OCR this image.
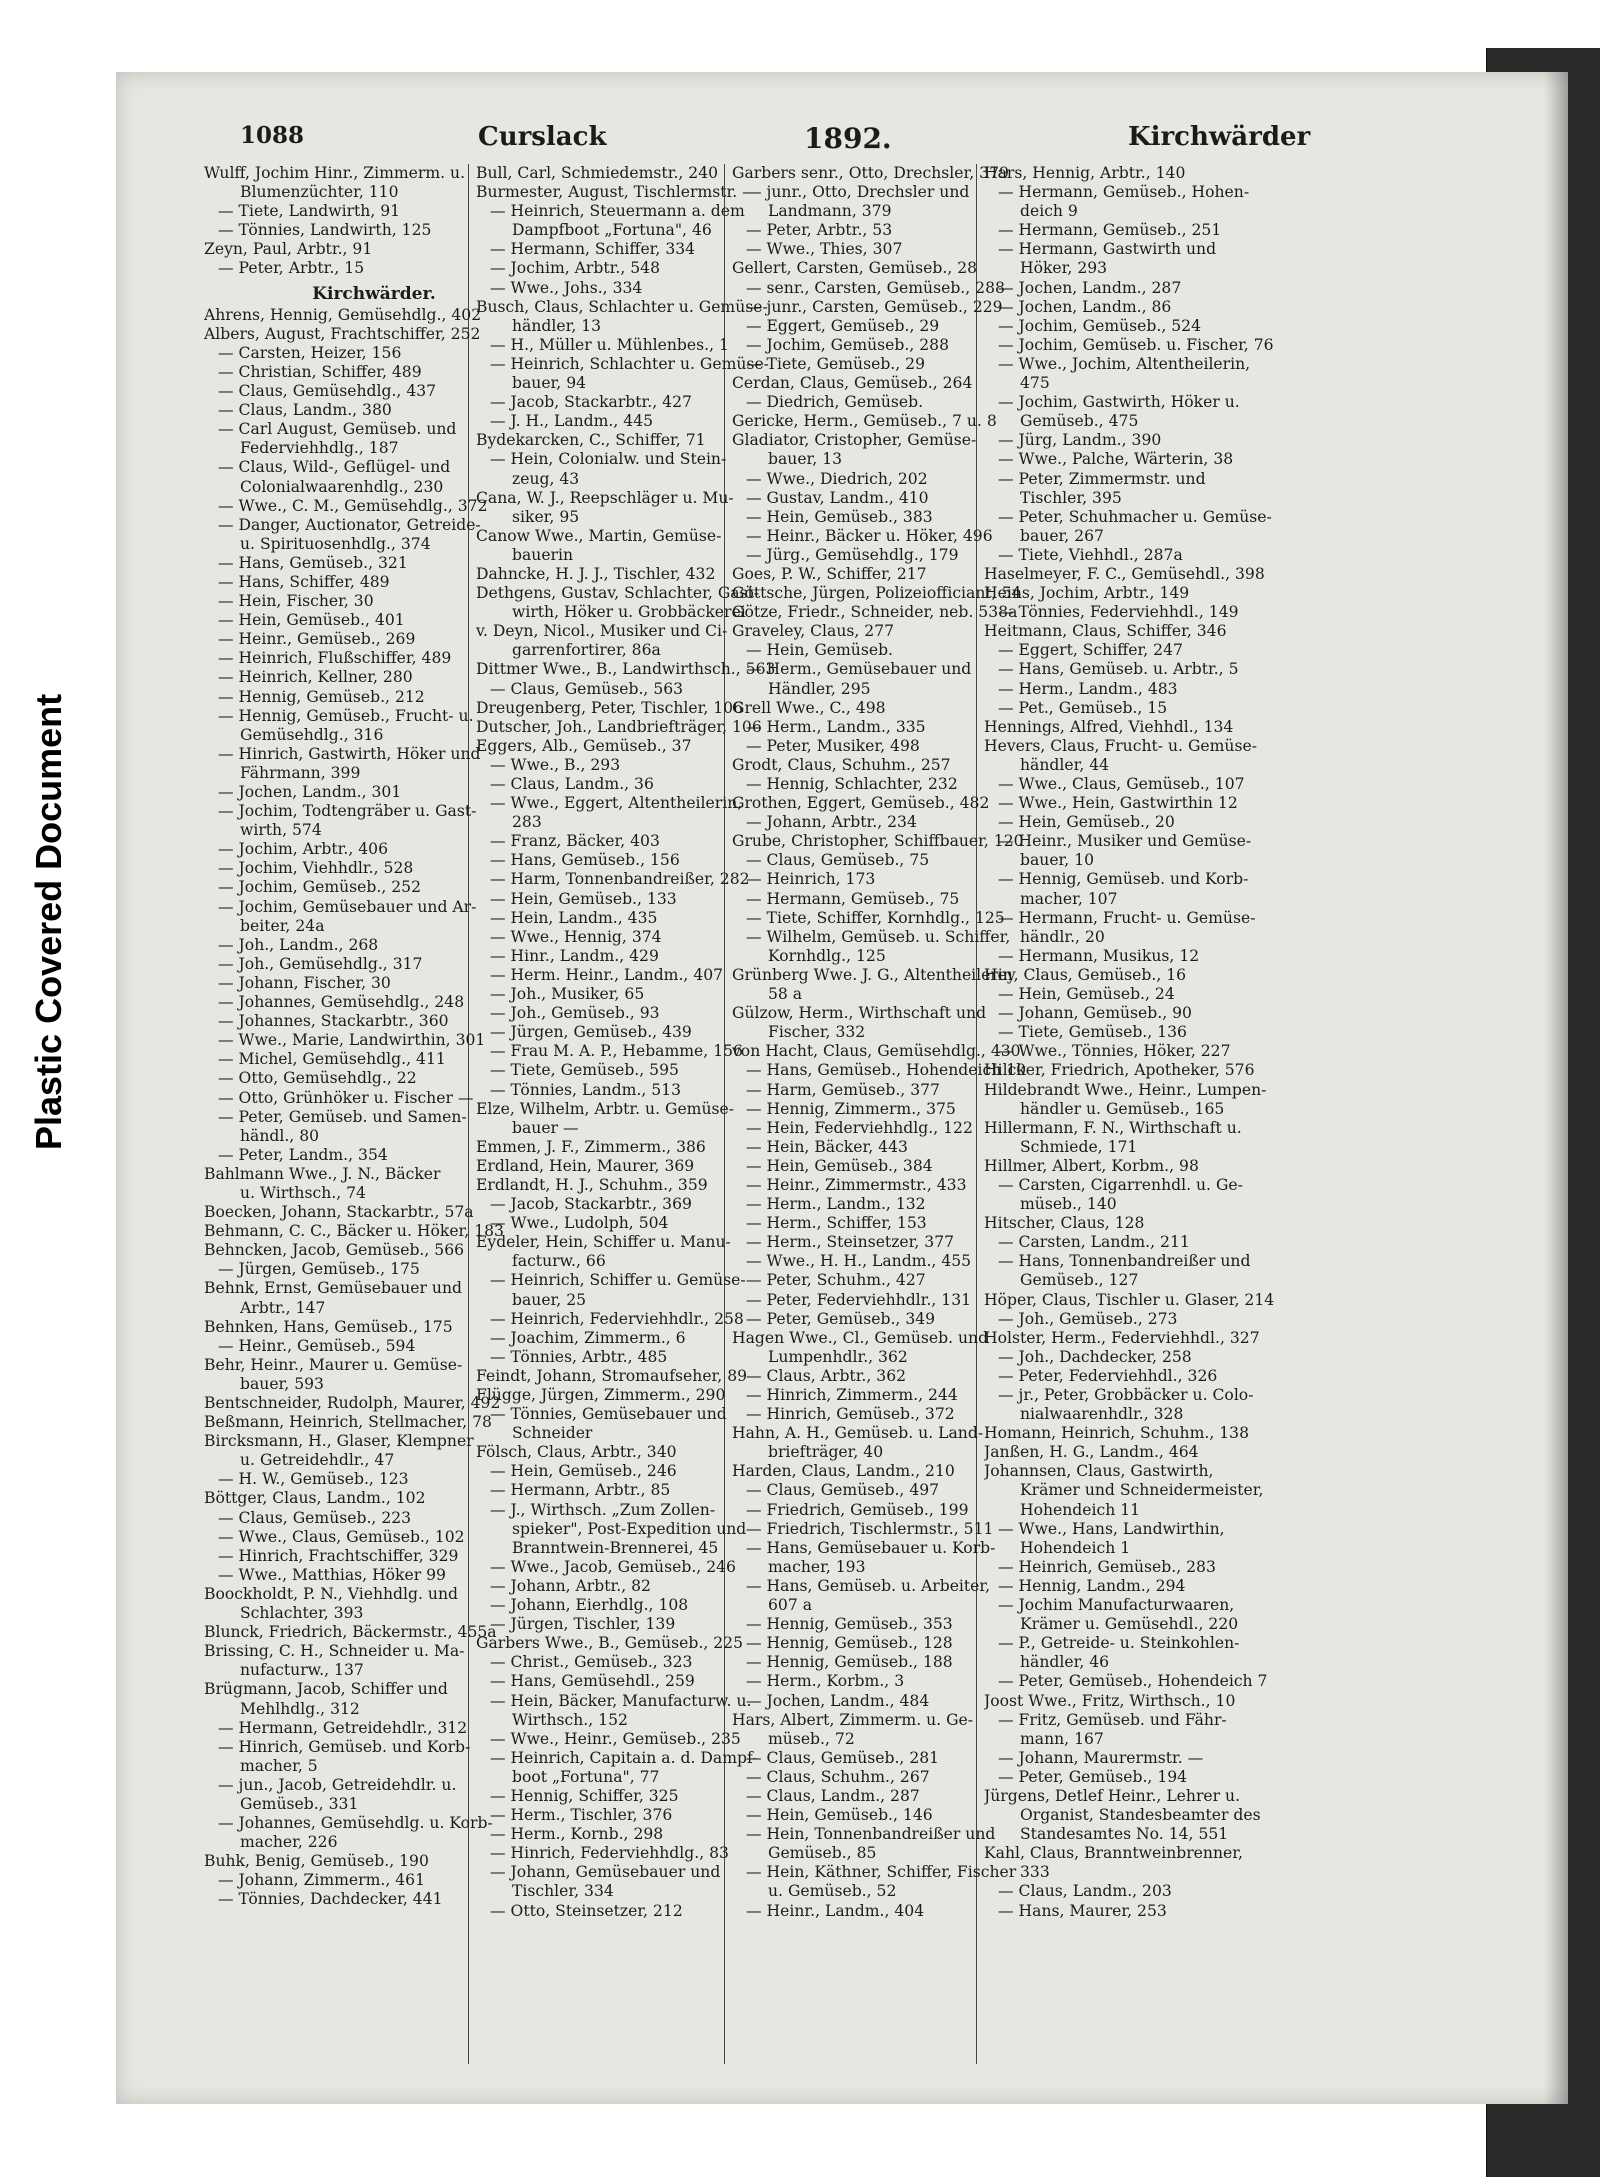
Plastic Covered Document
1088	Curslack	1892.	Kirchwärder
Wulff, Jochim Hinr., Zimmerm. u.
Blumenzüchter, 110
— Tiete, Landwirth, 91
— Tönnies, Landwirth, 125
Zeyn, Paul, Arbtr., 91
— Peter, Arbtr., 15
Kirchwärder.
Ahrens, Hennig, Gemüsehdlg., 402
Albers, August, Frachtschiffer, 252
— Carsten, Heizer, 156
— Christian, Schiffer, 489
— Claus, Gemüsehdlg., 437
— Claus, Landm., 380
— Carl August, Gemüseb. und
Federviehhdlg., 187
— Claus, Wild-, Geflügel- und
Colonialwaarenhdlg., 230
— Wwe., C. M., Gemüsehdlg., 372
— Danger, Auctionator, Getreide-
u. Spirituosenhdlg., 374
— Hans, Gemüseb., 321
— Hans, Schiffer, 489
— Hein, Fischer, 30
— Hein, Gemüseb., 401
— Heinr., Gemüseb., 269
— Heinrich, Flußschiffer, 489
— Heinrich, Kellner, 280
— Hennig, Gemüseb., 212
— Hennig, Gemüseb., Frucht- u.
Gemüsehdlg., 316
— Hinrich, Gastwirth, Höker und
Fährmann, 399
— Jochen, Landm., 301
— Jochim, Todtengräber u. Gast-
wirth, 574
— Jochim, Arbtr., 406
— Jochim, Viehhdlr., 528
— Jochim, Gemüseb., 252
— Jochim, Gemüsebauer und Ar-
beiter, 24a
— Joh., Landm., 268
— Joh., Gemüsehdlg., 317
— Johann, Fischer, 30
— Johannes, Gemüsehdlg., 248
— Johannes, Stackarbtr., 360
— Wwe., Marie, Landwirthin, 301
— Michel, Gemüsehdlg., 411
— Otto, Gemüsehdlg., 22
— Otto, Grünhöker u. Fischer —
— Peter, Gemüseb. und Samen-
händl., 80
— Peter, Landm., 354
Bahlmann Wwe., J. N., Bäcker
u. Wirthsch., 74
Boecken, Johann, Stackarbtr., 57a
Behmann, C. C., Bäcker u. Höker, 183
Behncken, Jacob, Gemüseb., 566
— Jürgen, Gemüseb., 175
Behnk, Ernst, Gemüsebauer und
Arbtr., 147
Behnken, Hans, Gemüseb., 175
— Heinr., Gemüseb., 594
Behr, Heinr., Maurer u. Gemüse-
bauer, 593
Bentschneider, Rudolph, Maurer, 492
Beßmann, Heinrich, Stellmacher, 78
Bircksmann, H., Glaser, Klempner
u. Getreidehdlr., 47
— H. W., Gemüseb., 123
Böttger, Claus, Landm., 102
— Claus, Gemüseb., 223
— Wwe., Claus, Gemüseb., 102
— Hinrich, Frachtschiffer, 329
— Wwe., Matthias, Höker 99
Boockholdt, P. N., Viehhdlg. und
Schlachter, 393
Blunck, Friedrich, Bäckermstr., 455a
Brissing, C. H., Schneider u. Ma-
nufacturw., 137
Brügmann, Jacob, Schiffer und
Mehlhdlg., 312
— Hermann, Getreidehdlr., 312
— Hinrich, Gemüseb. und Korb-
macher, 5
— jun., Jacob, Getreidehdlr. u.
Gemüseb., 331
— Johannes, Gemüsehdlg. u. Korb-
macher, 226
Buhk, Benig, Gemüseb., 190
— Johann, Zimmerm., 461
— Tönnies, Dachdecker, 441
Bull, Carl, Schmiedemstr., 240
Burmester, August, Tischlermstr. —
— Heinrich, Steuermann a. dem
Dampfboot „Fortuna", 46
— Hermann, Schiffer, 334
— Jochim, Arbtr., 548
— Wwe., Johs., 334
Busch, Claus, Schlachter u. Gemüse-
händler, 13
— H., Müller u. Mühlenbes., 1
— Heinrich, Schlachter u. Gemüse-
bauer, 94
— Jacob, Stackarbtr., 427
— J. H., Landm., 445
Bydekarcken, C., Schiffer, 71
— Hein, Colonialw. und Stein-
zeug, 43
Cana, W. J., Reepschläger u. Mu-
siker, 95
Canow Wwe., Martin, Gemüse-
bauerin
Dahncke, H. J. J., Tischler, 432
Dethgens, Gustav, Schlachter, Gast-
wirth, Höker u. Grobbäckerei
v. Deyn, Nicol., Musiker und Ci-
garrenfortirer, 86a
Dittmer Wwe., B., Landwirthsch., 563
— Claus, Gemüseb., 563
Dreugenberg, Peter, Tischler, 106
Dutscher, Joh., Landbriefträger, 106
Eggers, Alb., Gemüseb., 37
— Wwe., B., 293
— Claus, Landm., 36
— Wwe., Eggert, Altentheilerin,
283
— Franz, Bäcker, 403
— Hans, Gemüseb., 156
— Harm, Tonnenbandreißer, 282
— Hein, Gemüseb., 133
— Hein, Landm., 435
— Wwe., Hennig, 374
— Hinr., Landm., 429
— Herm. Heinr., Landm., 407
— Joh., Musiker, 65
— Joh., Gemüseb., 93
— Jürgen, Gemüseb., 439
— Frau M. A. P., Hebamme, 156
— Tiete, Gemüseb., 595
— Tönnies, Landm., 513
Elze, Wilhelm, Arbtr. u. Gemüse-
bauer —
Emmen, J. F., Zimmerm., 386
Erdland, Hein, Maurer, 369
Erdlandt, H. J., Schuhm., 359
— Jacob, Stackarbtr., 369
— Wwe., Ludolph, 504
Eydeler, Hein, Schiffer u. Manu-
facturw., 66
— Heinrich, Schiffer u. Gemüse-
bauer, 25
— Heinrich, Federviehhdlr., 258
— Joachim, Zimmerm., 6
— Tönnies, Arbtr., 485
Feindt, Johann, Stromaufseher, 89
Flügge, Jürgen, Zimmerm., 290
— Tönnies, Gemüsebauer und
Schneider
Fölsch, Claus, Arbtr., 340
— Hein, Gemüseb., 246
— Hermann, Arbtr., 85
— J., Wirthsch. „Zum Zollen-
spieker", Post-Expedition und
Branntwein-Brennerei, 45
— Wwe., Jacob, Gemüseb., 246
— Johann, Arbtr., 82
— Johann, Eierhdlg., 108
— Jürgen, Tischler, 139
Garbers Wwe., B., Gemüseb., 225
— Christ., Gemüseb., 323
— Hans, Gemüsehdl., 259
— Hein, Bäcker, Manufacturw. u.
Wirthsch., 152
— Wwe., Heinr., Gemüseb., 235
— Heinrich, Capitain a. d. Dampf-
boot „Fortuna", 77
— Hennig, Schiffer, 325
— Herm., Tischler, 376
— Herm., Kornb., 298
— Hinrich, Federviehhdlg., 83
— Johann, Gemüsebauer und
Tischler, 334
— Otto, Steinsetzer, 212
Garbers senr., Otto, Drechsler, 379
— junr., Otto, Drechsler und
Landmann, 379
— Peter, Arbtr., 53
— Wwe., Thies, 307
Gellert, Carsten, Gemüseb., 28
— senr., Carsten, Gemüseb., 288
— junr., Carsten, Gemüseb., 229
— Eggert, Gemüseb., 29
— Jochim, Gemüseb., 288
— Tiete, Gemüseb., 29
Cerdan, Claus, Gemüseb., 264
— Diedrich, Gemüseb.
Gericke, Herm., Gemüseb., 7 u. 8
Gladiator, Cristopher, Gemüse-
bauer, 13
— Wwe., Diedrich, 202
— Gustav, Landm., 410
— Hein, Gemüseb., 383
— Heinr., Bäcker u. Höker, 496
— Jürg., Gemüsehdlg., 179
Goes, P. W., Schiffer, 217
Göttsche, Jürgen, Polizeiofficiant, 54
Götze, Friedr., Schneider, neb. 538a
Graveley, Claus, 277
— Hein, Gemüseb.
— Herm., Gemüsebauer und
Händler, 295
Grell Wwe., C., 498
— Herm., Landm., 335
— Peter, Musiker, 498
Grodt, Claus, Schuhm., 257
— Hennig, Schlachter, 232
Grothen, Eggert, Gemüseb., 482
— Johann, Arbtr., 234
Grube, Christopher, Schiffbauer, 120
— Claus, Gemüseb., 75
— Heinrich, 173
— Hermann, Gemüseb., 75
— Tiete, Schiffer, Kornhdlg., 125
— Wilhelm, Gemüseb. u. Schiffer,
Kornhdlg., 125
Grünberg Wwe. J. G., Altentheilerin
58 a
Gülzow, Herm., Wirthschaft und
Fischer, 332
von Hacht, Claus, Gemüsehdlg., 430
— Hans, Gemüseb., Hohendeich 10
— Harm, Gemüseb., 377
— Hennig, Zimmerm., 375
— Hein, Federviehhdlg., 122
— Hein, Bäcker, 443
— Hein, Gemüseb., 384
— Heinr., Zimmermstr., 433
— Herm., Landm., 132
— Herm., Schiffer, 153
— Herm., Steinsetzer, 377
— Wwe., H. H., Landm., 455
— Peter, Schuhm., 427
— Peter, Federviehhdlr., 131
— Peter, Gemüseb., 349
Hagen Wwe., Cl., Gemüseb. und
Lumpenhdlr., 362
— Claus, Arbtr., 362
— Hinrich, Zimmerm., 244
— Hinrich, Gemüseb., 372
Hahn, A. H., Gemüseb. u. Land-
briefträger, 40
Harden, Claus, Landm., 210
— Claus, Gemüseb., 497
— Friedrich, Gemüseb., 199
— Friedrich, Tischlermstr., 511
— Hans, Gemüsebauer u. Korb-
macher, 193
— Hans, Gemüseb. u. Arbeiter,
607 a
— Hennig, Gemüseb., 353
— Hennig, Gemüseb., 128
— Hennig, Gemüseb., 188
— Herm., Korbm., 3
— Jochen, Landm., 484
Hars, Albert, Zimmerm. u. Ge-
müseb., 72
— Claus, Gemüseb., 281
— Claus, Schuhm., 267
— Claus, Landm., 287
— Hein, Gemüseb., 146
— Hein, Tonnenbandreißer und
Gemüseb., 85
— Hein, Käthner, Schiffer, Fischer
u. Gemüseb., 52
— Heinr., Landm., 404
Hars, Hennig, Arbtr., 140
— Hermann, Gemüseb., Hohen-
deich 9
— Hermann, Gemüseb., 251
— Hermann, Gastwirth und
Höker, 293
— Jochen, Landm., 287
— Jochen, Landm., 86
— Jochim, Gemüseb., 524
— Jochim, Gemüseb. u. Fischer, 76
— Wwe., Jochim, Altentheilerin,
475
— Jochim, Gastwirth, Höker u.
Gemüseb., 475
— Jürg, Landm., 390
— Wwe., Palche, Wärterin, 38
— Peter, Zimmermstr. und
Tischler, 395
— Peter, Schuhmacher u. Gemüse-
bauer, 267
— Tiete, Viehhdl., 287a
Haselmeyer, F. C., Gemüsehdl., 398
Heins, Jochim, Arbtr., 149
— Tönnies, Federviehhdl., 149
Heitmann, Claus, Schiffer, 346
— Eggert, Schiffer, 247
— Hans, Gemüseb. u. Arbtr., 5
— Herm., Landm., 483
— Pet., Gemüseb., 15
Hennings, Alfred, Viehhdl., 134
Hevers, Claus, Frucht- u. Gemüse-
händler, 44
— Wwe., Claus, Gemüseb., 107
— Wwe., Hein, Gastwirthin 12
— Hein, Gemüseb., 20
— Heinr., Musiker und Gemüse-
bauer, 10
— Hennig, Gemüseb. und Korb-
macher, 107
— Hermann, Frucht- u. Gemüse-
händlr., 20
— Hermann, Musikus, 12
Hey, Claus, Gemüseb., 16
— Hein, Gemüseb., 24
— Johann, Gemüseb., 90
— Tiete, Gemüseb., 136
— Wwe., Tönnies, Höker, 227
Hilcker, Friedrich, Apotheker, 576
Hildebrandt Wwe., Heinr., Lumpen-
händler u. Gemüseb., 165
Hillermann, F. N., Wirthschaft u.
Schmiede, 171
Hillmer, Albert, Korbm., 98
— Carsten, Cigarrenhdl. u. Ge-
müseb., 140
Hitscher, Claus, 128
— Carsten, Landm., 211
— Hans, Tonnenbandreißer und
Gemüseb., 127
Höper, Claus, Tischler u. Glaser, 214
— Joh., Gemüseb., 273
Holster, Herm., Federviehhdl., 327
— Joh., Dachdecker, 258
— Peter, Federviehhdl., 326
— jr., Peter, Grobbäcker u. Colo-
nialwaarenhdlr., 328
Homann, Heinrich, Schuhm., 138
Janßen, H. G., Landm., 464
Johannsen, Claus, Gastwirth,
Krämer und Schneidermeister,
Hohendeich 11
— Wwe., Hans, Landwirthin,
Hohendeich 1
— Heinrich, Gemüseb., 283
— Hennig, Landm., 294
— Jochim Manufacturwaaren,
Krämer u. Gemüsehdl., 220
— P., Getreide- u. Steinkohlen-
händler, 46
— Peter, Gemüseb., Hohendeich 7
Joost Wwe., Fritz, Wirthsch., 10
— Fritz, Gemüseb. und Fähr-
mann, 167
— Johann, Maurermstr. —
— Peter, Gemüseb., 194
Jürgens, Detlef Heinr., Lehrer u.
Organist, Standesbeamter des
Standesamtes No. 14, 551
Kahl, Claus, Branntweinbrenner,
333
— Claus, Landm., 203
— Hans, Maurer, 253
